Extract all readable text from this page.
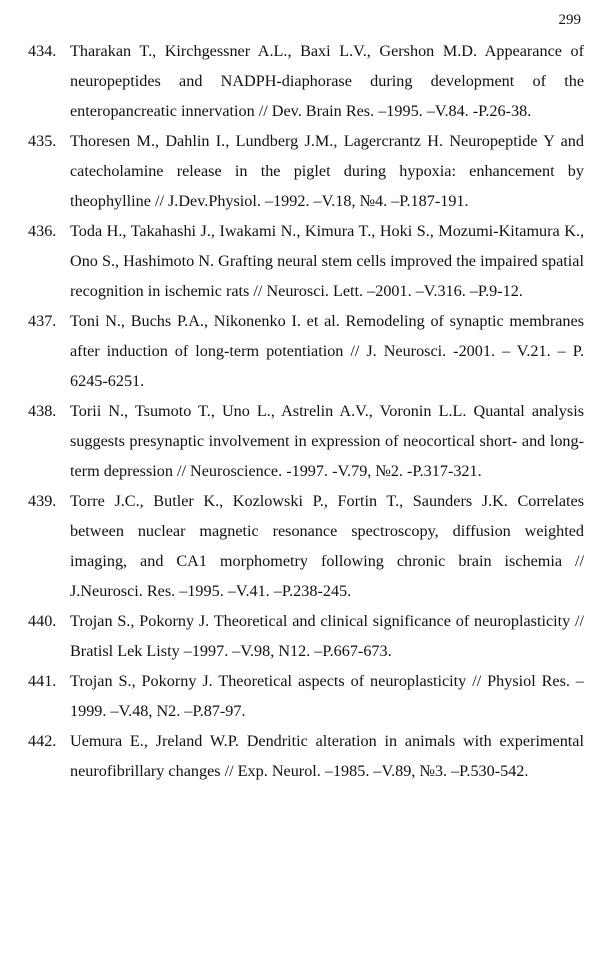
299

434. Tharakan T., Kirchgessner A.L., Baxi L.V., Gershon M.D. Appearance of neuropeptides and NADPH-diaphorase during development of the enteropancreatic innervation // Dev. Brain Res. –1995. –V.84. -P.26-38.

435. Thoresen M., Dahlin I., Lundberg J.M., Lagercrantz H. Neuropeptide Y and catecholamine release in the piglet during hypoxia: enhancement by theophylline // J.Dev.Physiol. –1992. –V.18, №4. –P.187-191.

436. Toda H., Takahashi J., Iwakami N., Kimura T., Hoki S., Mozumi-Kitamura K., Ono S., Hashimoto N. Grafting neural stem cells improved the impaired spatial recognition in ischemic rats // Neurosci. Lett. –2001. –V.316. –P.9-12.

437. Toni N., Buchs P.A., Nikonenko I. et al. Remodeling of synaptic membranes after induction of long-term potentiation // J. Neurosci. -2001. – V.21. – P. 6245-6251.

438. Torii N., Tsumoto T., Uno L., Astrelin A.V., Voronin L.L. Quantal analysis suggests presynaptic involvement in expression of neocortical short- and long-term depression // Neuroscience. -1997. -V.79, №2. -P.317-321.

439. Torre J.C., Butler K., Kozlowski P., Fortin T., Saunders J.K. Correlates between nuclear magnetic resonance spectroscopy, diffusion weighted imaging, and CA1 morphometry following chronic brain ischemia // J.Neurosci. Res. –1995. –V.41. –P.238-245.

440. Trojan S., Pokorny J. Theoretical and clinical significance of neuroplasticity // Bratisl Lek Listy –1997. –V.98, N12. –P.667-673.

441. Trojan S., Pokorny J. Theoretical aspects of neuroplasticity // Physiol Res. – 1999. –V.48, N2. –P.87-97.

442. Uemura E., Jreland W.P. Dendritic alteration in animals with experimental neurofibrillary changes // Exp. Neurol. –1985. –V.89, №3. –P.530-542.
